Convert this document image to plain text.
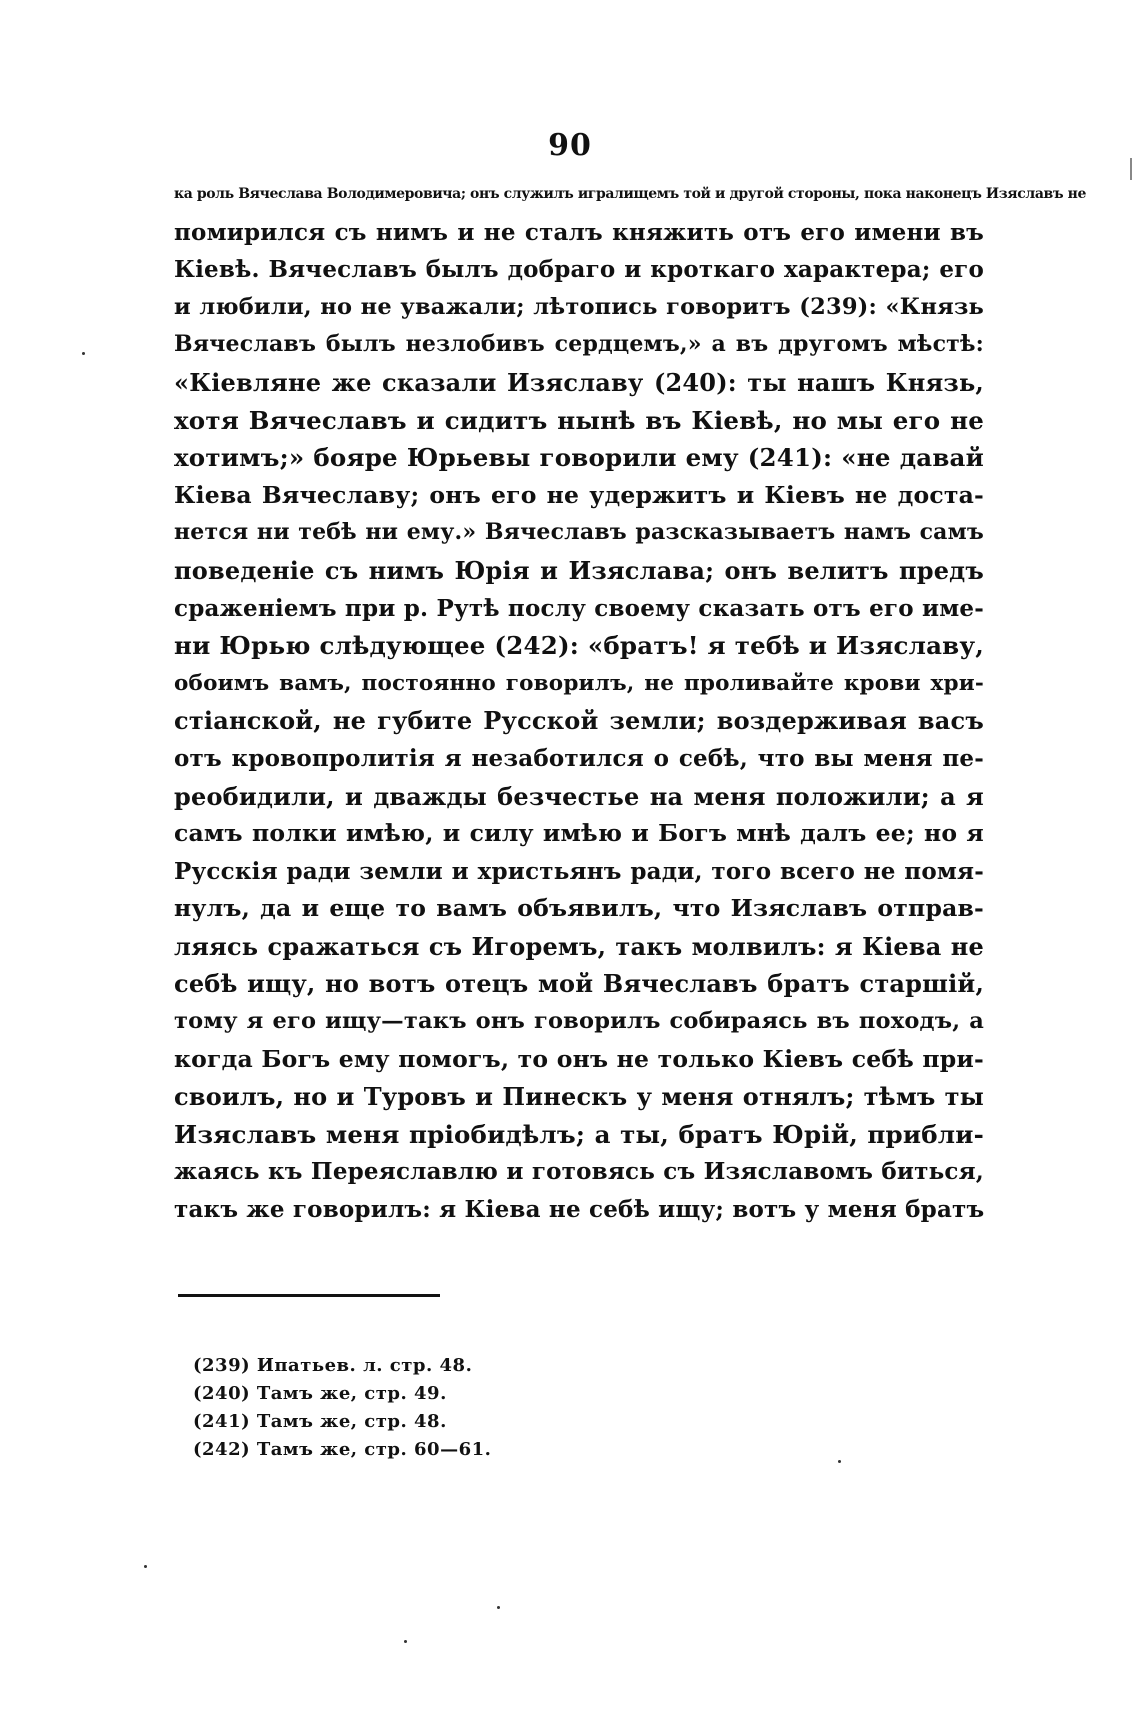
90
ка роль Вячеслава Володимеровича; онъ служилъ игралищемъ той и другой стороны, пока наконецъ Изяславъ не
помирился съ нимъ и не сталъ княжить отъ его имени въ
Кіевѣ. Вячеславъ былъ добраго и кроткаго характера; его
и любили, но не уважали; лѣтопись говоритъ (239): «Князь
Вячеславъ былъ незлобивъ сердцемъ,» а въ другомъ мѣстѣ:
«Кіевляне же сказали Изяславу (240): ты нашъ Князь,
хотя Вячеславъ и сидитъ нынѣ въ Кіевѣ, но мы его не
хотимъ;» бояре Юрьевы говорили ему (241): «не давай
Кіева Вячеславу; онъ его не удержитъ и Кіевъ не доста-
нется ни тебѣ ни ему.» Вячеславъ разсказываетъ намъ самъ
поведеніе съ нимъ Юрія и Изяслава; онъ велитъ предъ
сраженіемъ при р. Рутѣ послу своему сказать отъ его име-
ни Юрью слѣдующее (242): «братъ! я тебѣ и Изяславу,
обоимъ вамъ, постоянно говорилъ, не проливайте крови хри-
стіанской, не губите Русской земли; воздерживая васъ
отъ кровопролитія я незаботился о себѣ, что вы меня пе-
реобидили, и дважды безчестье на меня положили; а я
самъ полки имѣю, и силу имѣю и Богъ мнѣ далъ ее; но я
Русскія ради земли и христьянъ ради, того всего не помя-
нулъ, да и еще то вамъ объявилъ, что Изяславъ отправ-
ляясь сражаться съ Игоремъ, такъ молвилъ: я Кіева не
себѣ ищу, но вотъ отецъ мой Вячеславъ братъ старшій,
тому я его ищу—такъ онъ говорилъ собираясь въ походъ, а
когда Богъ ему помогъ, то онъ не только Кіевъ себѣ при-
своилъ, но и Туровъ и Пинескъ у меня отнялъ; тѣмъ ты
Изяславъ меня пріобидѣлъ; а ты, братъ Юрій, прибли-
жаясь къ Переяславлю и готовясь съ Изяславомъ биться,
такъ же говорилъ: я Кіева не себѣ ищу; вотъ у меня братъ
(239) Ипатьев. л. стр. 48.
(240) Тамъ же, стр. 49.
(241) Тамъ же, стр. 48.
(242) Тамъ же, стр. 60—61.
